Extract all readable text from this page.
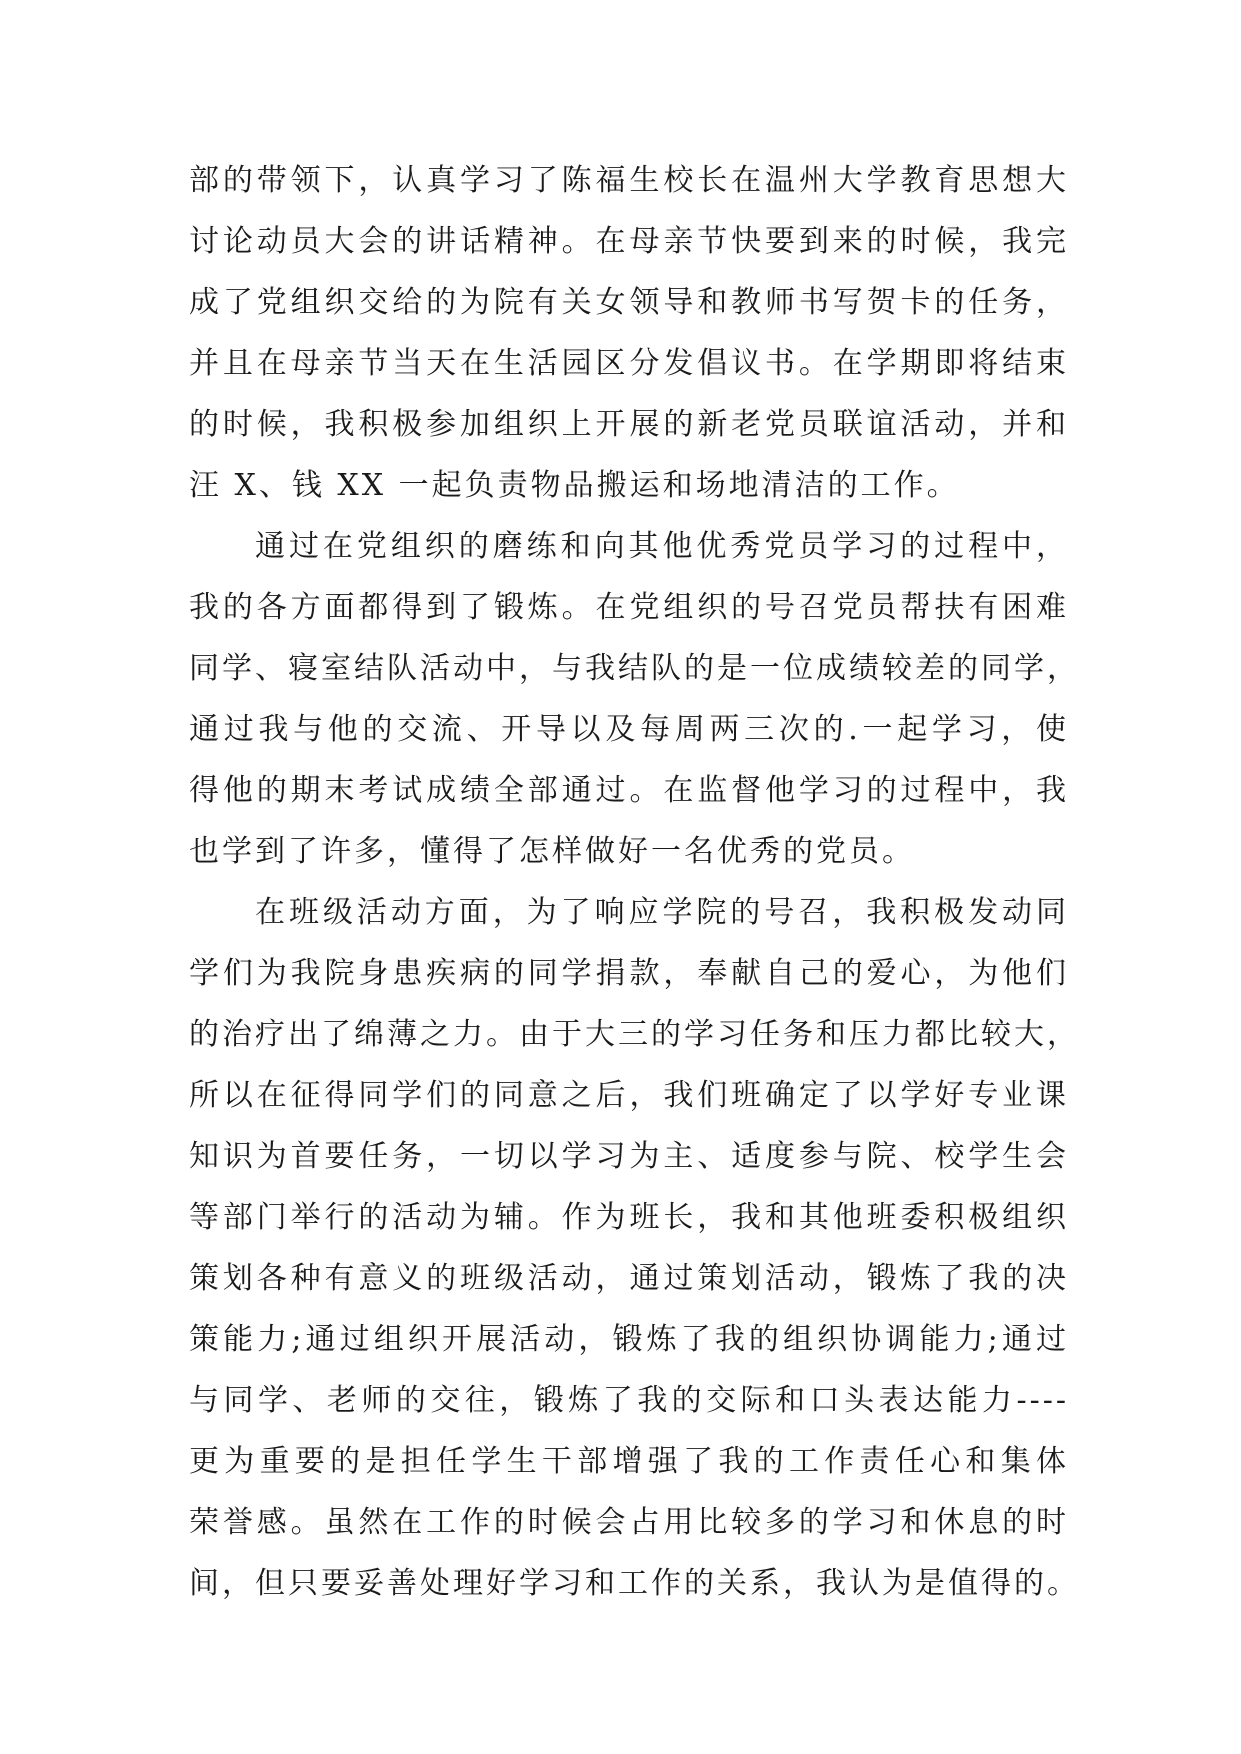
部的带领下，认真学习了陈福生校长在温州大学教育思想大
讨论动员大会的讲话精神。在母亲节快要到来的时候，我完
成了党组织交给的为院有关女领导和教师书写贺卡的任务，
并且在母亲节当天在生活园区分发倡议书。在学期即将结束
的时候，我积极参加组织上开展的新老党员联谊活动，并和
汪 X、钱 XX 一起负责物品搬运和场地清洁的工作。
通过在党组织的磨练和向其他优秀党员学习的过程中，
我的各方面都得到了锻炼。在党组织的号召党员帮扶有困难
同学、寝室结队活动中，与我结队的是一位成绩较差的同学，
通过我与他的交流、开导以及每周两三次的.一起学习，使
得他的期末考试成绩全部通过。在监督他学习的过程中，我
也学到了许多，懂得了怎样做好一名优秀的党员。
在班级活动方面，为了响应学院的号召，我积极发动同
学们为我院身患疾病的同学捐款，奉献自己的爱心，为他们
的治疗出了绵薄之力。由于大三的学习任务和压力都比较大，
所以在征得同学们的同意之后，我们班确定了以学好专业课
知识为首要任务，一切以学习为主、适度参与院、校学生会
等部门举行的活动为辅。作为班长，我和其他班委积极组织
策划各种有意义的班级活动，通过策划活动，锻炼了我的决
策能力;通过组织开展活动，锻炼了我的组织协调能力;通过
与同学、老师的交往，锻炼了我的交际和口头表达能力----
更为重要的是担任学生干部增强了我的工作责任心和集体
荣誉感。虽然在工作的时候会占用比较多的学习和休息的时
间，但只要妥善处理好学习和工作的关系，我认为是值得的。
